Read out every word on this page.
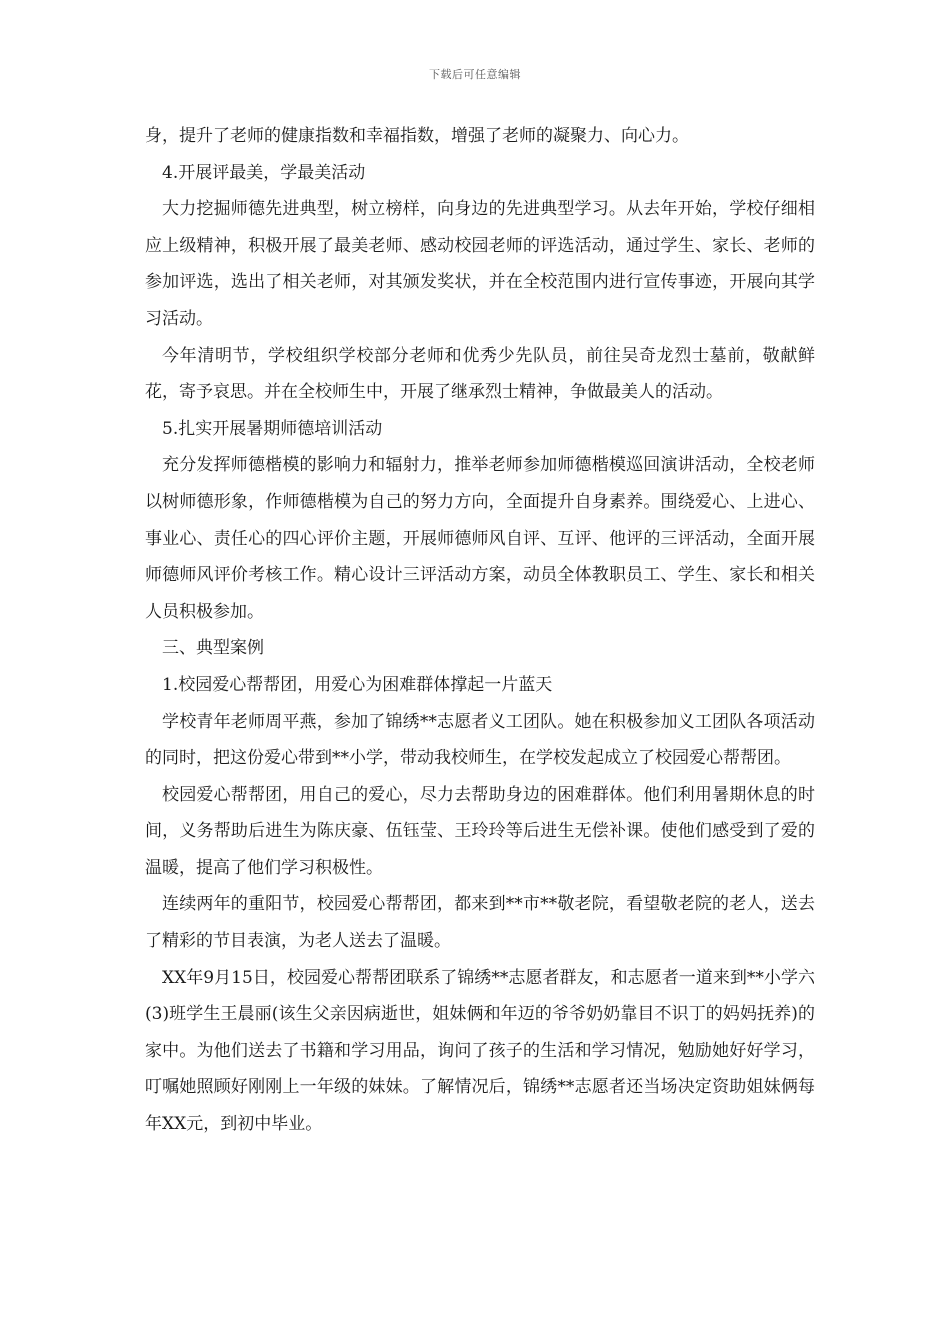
下载后可任意编辑

身，提升了老师的健康指数和幸福指数，增强了老师的凝聚力、向心力。

4.开展评最美，学最美活动

大力挖掘师德先进典型，树立榜样，向身边的先进典型学习。从去年开始，学校仔细相应上级精神，积极开展了最美老师、感动校园老师的评选活动，通过学生、家长、老师的参加评选，选出了相关老师，对其颁发奖状，并在全校范围内进行宣传事迹，开展向其学习活动。

今年清明节，学校组织学校部分老师和优秀少先队员，前往吴奇龙烈士墓前，敬献鲜花，寄予哀思。并在全校师生中，开展了继承烈士精神，争做最美人的活动。

5.扎实开展暑期师德培训活动

充分发挥师德楷模的影响力和辐射力，推举老师参加师德楷模巡回演讲活动，全校老师以树师德形象，作师德楷模为自己的努力方向，全面提升自身素养。围绕爱心、上进心、事业心、责任心的四心评价主题，开展师德师风自评、互评、他评的三评活动，全面开展师德师风评价考核工作。精心设计三评活动方案，动员全体教职员工、学生、家长和相关人员积极参加。

三、典型案例

1.校园爱心帮帮团，用爱心为困难群体撑起一片蓝天

学校青年老师周平燕，参加了锦绣**志愿者义工团队。她在积极参加义工团队各项活动的同时，把这份爱心带到**小学，带动我校师生，在学校发起成立了校园爱心帮帮团。

校园爱心帮帮团，用自己的爱心，尽力去帮助身边的困难群体。他们利用暑期休息的时间，义务帮助后进生为陈庆豪、伍钰莹、王玲玲等后进生无偿补课。使他们感受到了爱的温暖，提高了他们学习积极性。

连续两年的重阳节，校园爱心帮帮团，都来到**市**敬老院，看望敬老院的老人，送去了精彩的节目表演，为老人送去了温暖。

XX年9月15日，校园爱心帮帮团联系了锦绣**志愿者群友，和志愿者一道来到**小学六(3)班学生王晨丽(该生父亲因病逝世，姐妹俩和年迈的爷爷奶奶靠目不识丁的妈妈抚养)的家中。为他们送去了书籍和学习用品，询问了孩子的生活和学习情况，勉励她好好学习，叮嘱她照顾好刚刚上一年级的妹妹。了解情况后，锦绣**志愿者还当场决定资助姐妹俩每年XX元，到初中毕业。
